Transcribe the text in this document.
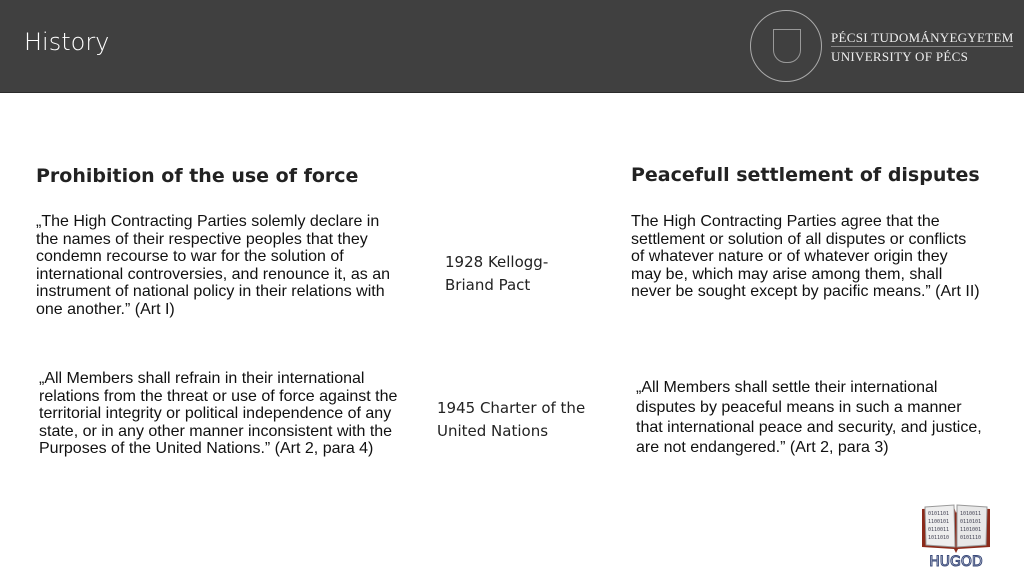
History	PÉCSI TUDOMÁNYEGYETEM
UNIVERSITY OF PÉCS
Prohibition of the use of force
„The High Contracting Parties solemly declare in the names of their respective peoples that they condemn recourse to war for the solution of international controversies, and renounce it, as an instrument of national policy in their relations with one another.” (Art I)
„All Members shall refrain in their international relations from the threat or use of force against the territorial integrity or political independence of any state, or in any other manner inconsistent with the Purposes of the United Nations.” (Art 2, para 4)
1928 Kellogg-Briand Pact
1945 Charter of the United Nations
Peacefull settlement of disputes
The High Contracting Parties agree that the settlement or solution of all disputes or conflicts of whatever nature or of whatever origin they may be, which may arise among them, shall never be sought except by pacific means.” (Art II)
„All Members shall settle their international disputes by peaceful means in such a manner that international peace and security, and justice, are not endangered.” (Art 2, para 3)
0101101
1100101
0110011
1011010
1010011
0110101
1101001
0101110
HUGOD
